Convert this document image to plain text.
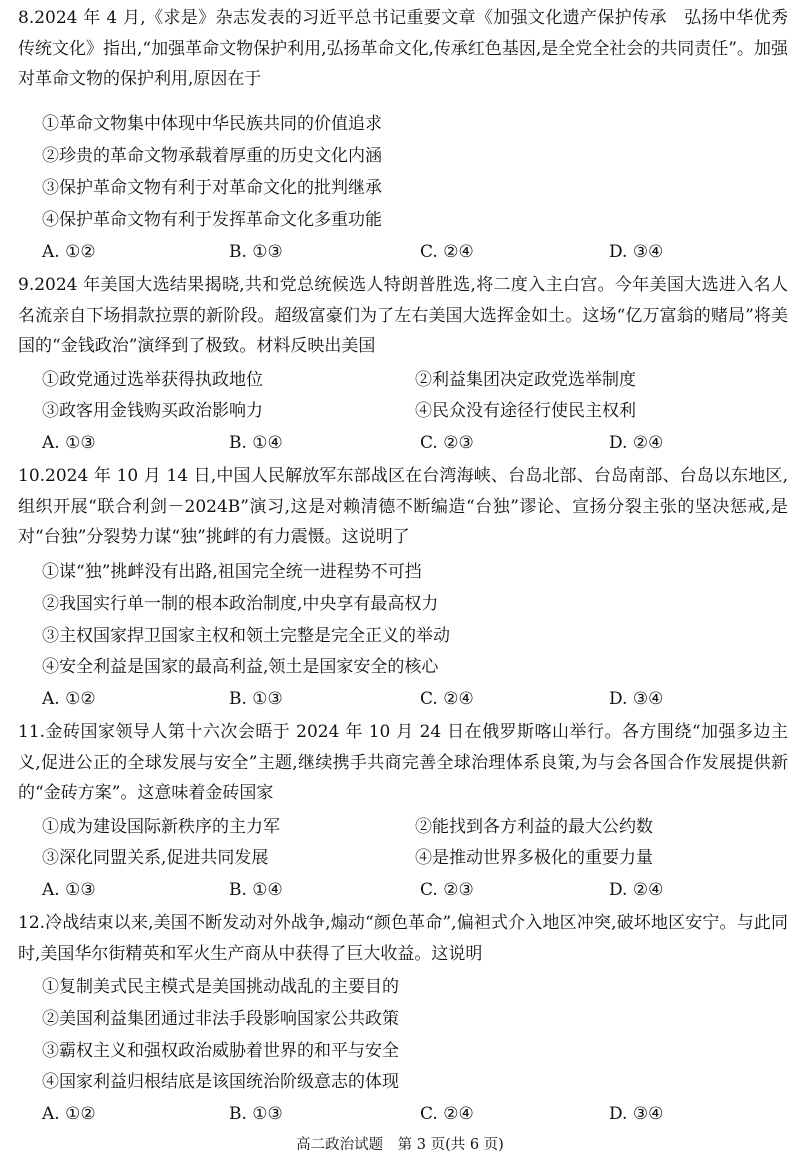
8.2024 年 4 月,《求是》杂志发表的习近平总书记重要文章《加强文化遗产保护传承　弘扬中华优秀传统文化》指出,“加强革命文物保护利用,弘扬革命文化,传承红色基因,是全党全社会的共同责任”。加强对革命文物的保护利用,原因在于

①革命文物集中体现中华民族共同的价值追求

②珍贵的革命文物承载着厚重的历史文化内涵

③保护革命文物有利于对革命文化的批判继承

④保护革命文物有利于发挥革命文化多重功能

A. ①②	B. ①③	C. ②④	D. ③④

9.2024 年美国大选结果揭晓,共和党总统候选人特朗普胜选,将二度入主白宫。今年美国大选进入名人名流亲自下场捐款拉票的新阶段。超级富豪们为了左右美国大选挥金如土。这场“亿万富翁的赌局”将美国的“金钱政治”演绎到了极致。材料反映出美国

①政党通过选举获得执政地位	②利益集团决定政党选举制度

③政客用金钱购买政治影响力	④民众没有途径行使民主权利

A. ①③	B. ①④	C. ②③	D. ②④

10.2024 年 10 月 14 日,中国人民解放军东部战区在台湾海峡、台岛北部、台岛南部、台岛以东地区,组织开展“联合利剑－2024B”演习,这是对赖清德不断编造“台独”谬论、宣扬分裂主张的坚决惩戒,是对“台独”分裂势力谋“独”挑衅的有力震慑。这说明了

①谋“独”挑衅没有出路,祖国完全统一进程势不可挡

②我国实行单一制的根本政治制度,中央享有最高权力

③主权国家捍卫国家主权和领土完整是完全正义的举动

④安全利益是国家的最高利益,领土是国家安全的核心

A. ①②	B. ①③	C. ②④	D. ③④

11.金砖国家领导人第十六次会晤于 2024 年 10 月 24 日在俄罗斯喀山举行。各方围绕“加强多边主义,促进公正的全球发展与安全”主题,继续携手共商完善全球治理体系良策,为与会各国合作发展提供新的“金砖方案”。这意味着金砖国家

①成为建设国际新秩序的主力军	②能找到各方利益的最大公约数

③深化同盟关系,促进共同发展	④是推动世界多极化的重要力量

A. ①③	B. ①④	C. ②③	D. ②④

12.冷战结束以来,美国不断发动对外战争,煽动“颜色革命”,偏袒式介入地区冲突,破坏地区安宁。与此同时,美国华尔街精英和军火生产商从中获得了巨大收益。这说明

①复制美式民主模式是美国挑动战乱的主要目的

②美国利益集团通过非法手段影响国家公共政策

③霸权主义和强权政治威胁着世界的和平与安全

④国家利益归根结底是该国统治阶级意志的体现

A. ①②	B. ①③	C. ②④	D. ③④
高二政治试题　第 3 页(共 6 页)
